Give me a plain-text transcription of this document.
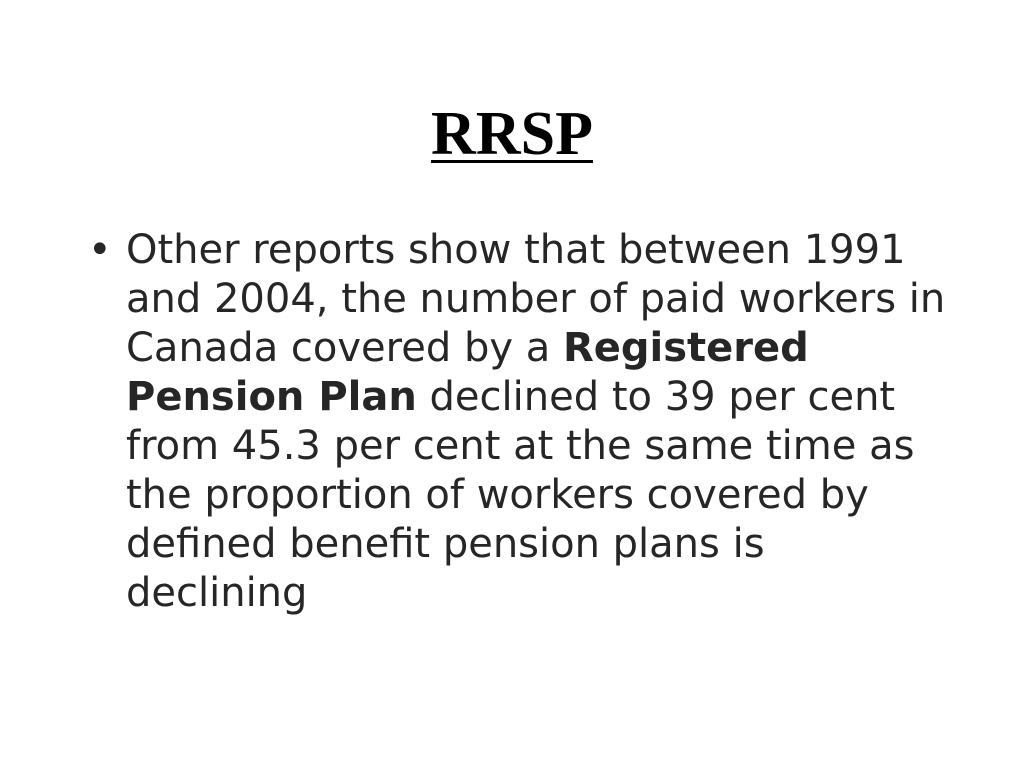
RRSP
• Other reports show that between 1991 and 2004, the number of paid workers in Canada covered by a Registered Pension Plan declined to 39 per cent from 45.3 per cent at the same time as the proportion of workers covered by defined benefit pension plans is declining
